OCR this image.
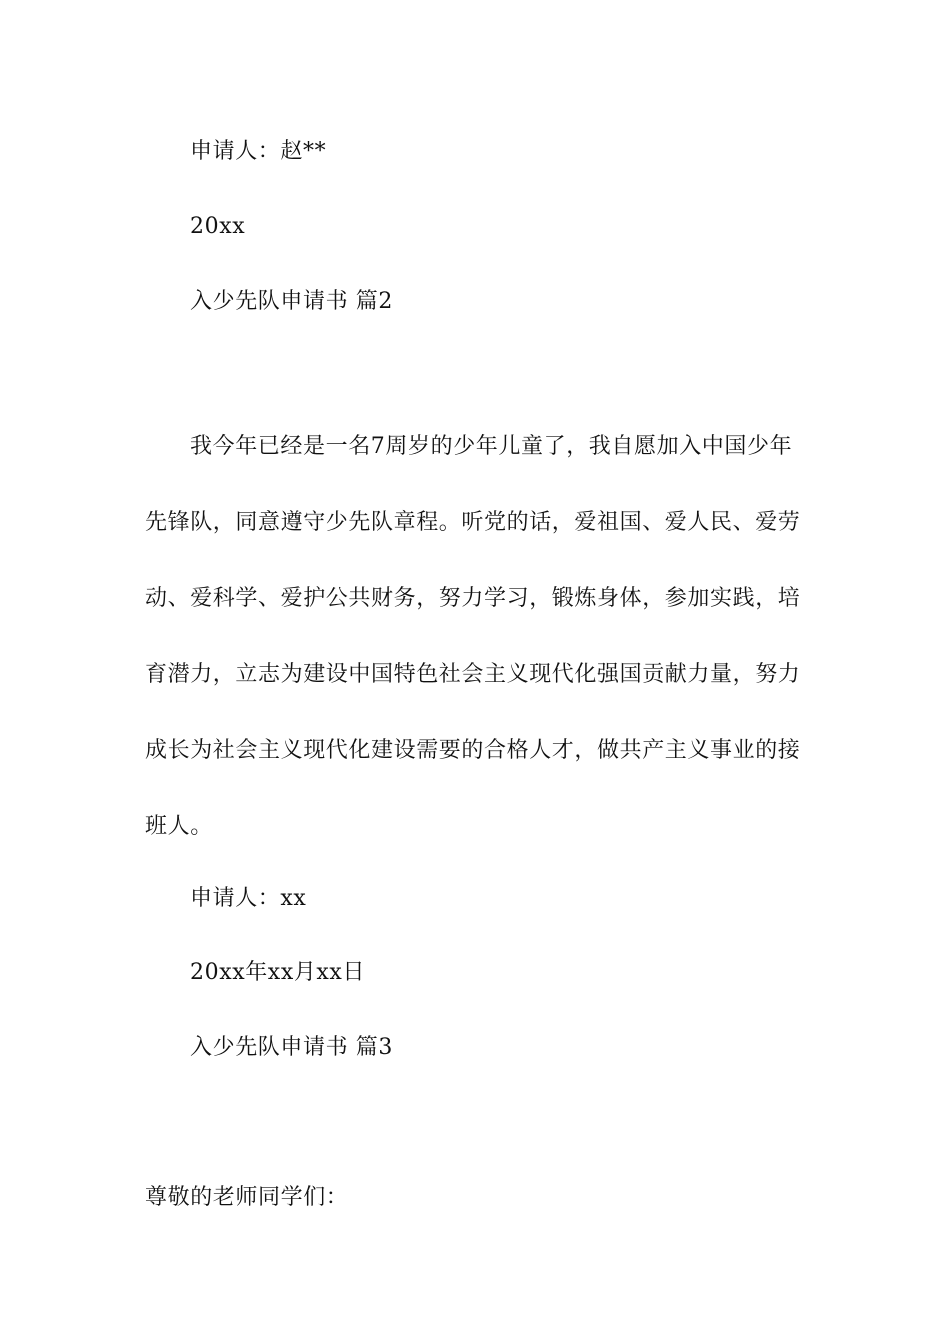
申请人：赵**
20xx
入少先队申请书 篇2
我今年已经是一名7周岁的少年儿童了，我自愿加入中国少年
先锋队，同意遵守少先队章程。听党的话，爱祖国、爱人民、爱劳
动、爱科学、爱护公共财务，努力学习，锻炼身体，参加实践，培
育潜力，立志为建设中国特色社会主义现代化强国贡献力量，努力
成长为社会主义现代化建设需要的合格人才，做共产主义事业的接
班人。
申请人：xx
20xx年xx月xx日
入少先队申请书 篇3
尊敬的老师同学们：
